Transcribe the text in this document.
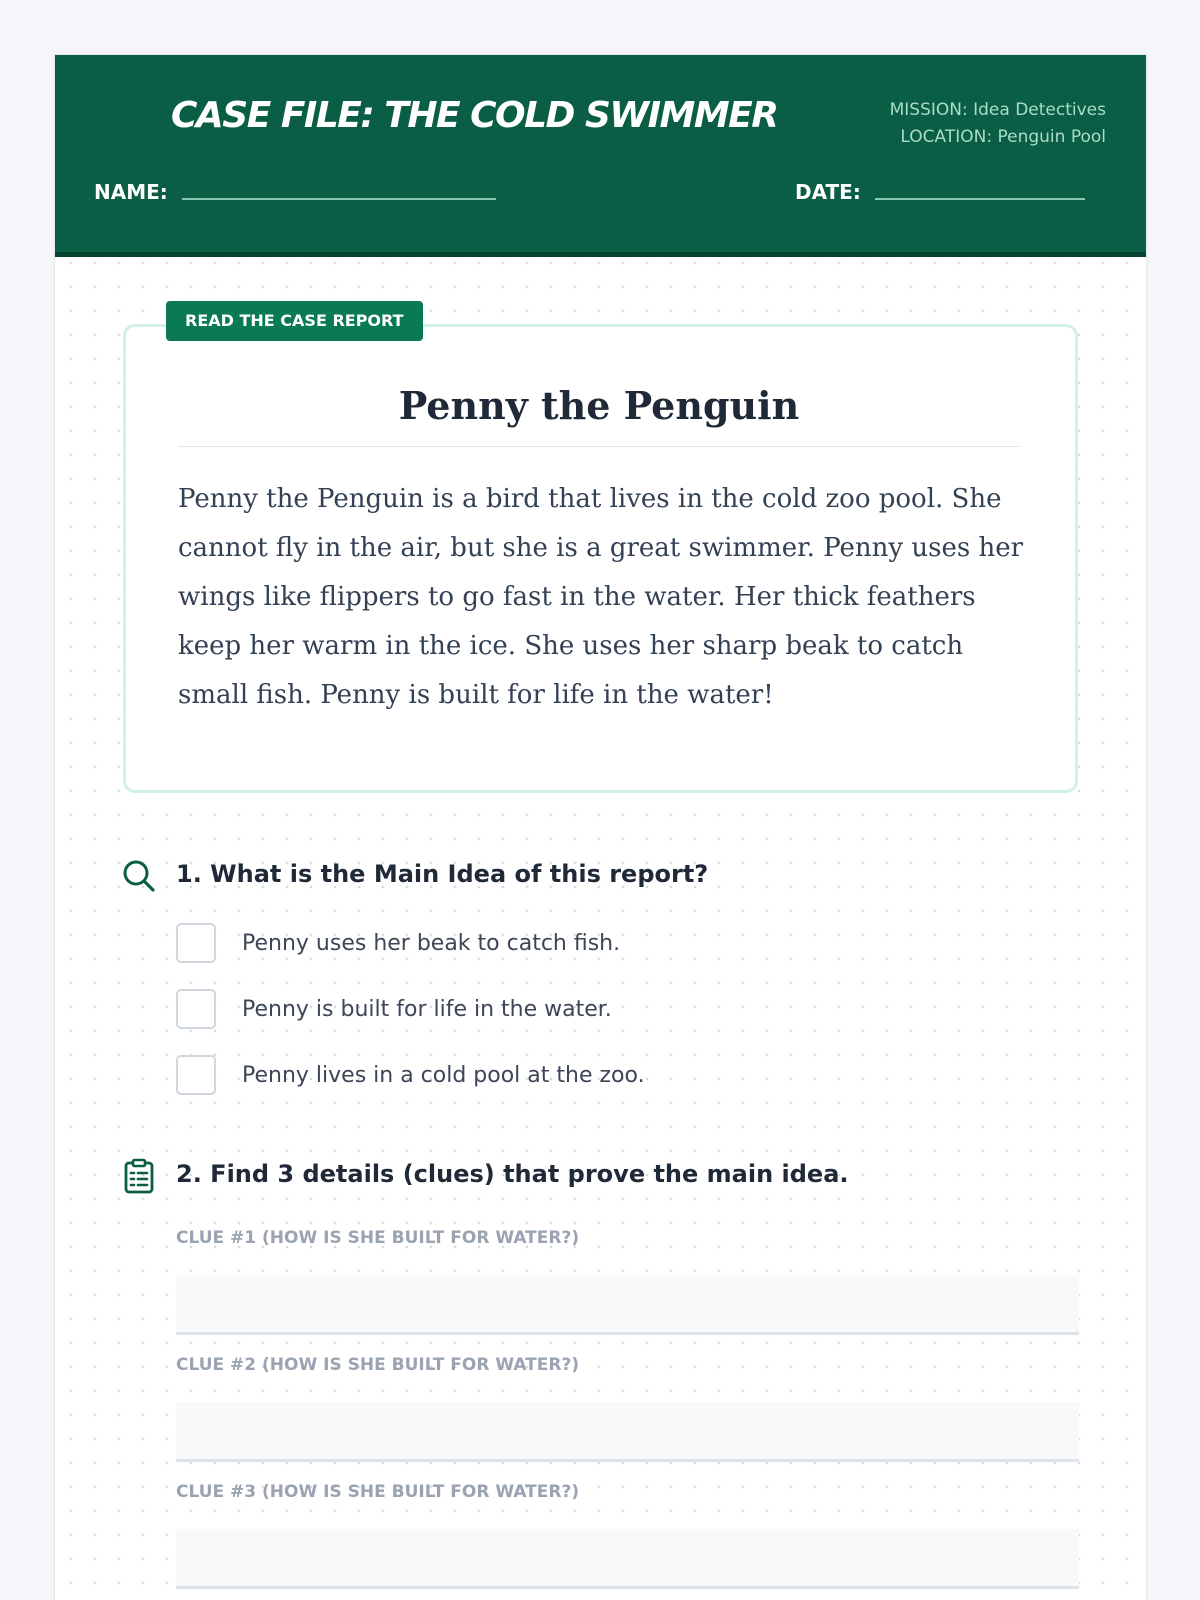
CASE FILE: THE COLD SWIMMER	MISSION: Idea Detectives
LOCATION: Penguin Pool
NAME:	DATE:
READ THE CASE REPORT
Penny the Penguin
Penny the Penguin is a bird that lives in the cold zoo pool. She cannot fly in the air, but she is a great swimmer. Penny uses her wings like flippers to go fast in the water. Her thick feathers keep her warm in the ice. She uses her sharp beak to catch small fish. Penny is built for life in the water!
1. What is the Main Idea of this report?
Penny uses her beak to catch fish.
Penny is built for life in the water.
Penny lives in a cold pool at the zoo.
2. Find 3 details (clues) that prove the main idea.
CLUE #1 (HOW IS SHE BUILT FOR WATER?)
CLUE #2 (HOW IS SHE BUILT FOR WATER?)
CLUE #3 (HOW IS SHE BUILT FOR WATER?)
